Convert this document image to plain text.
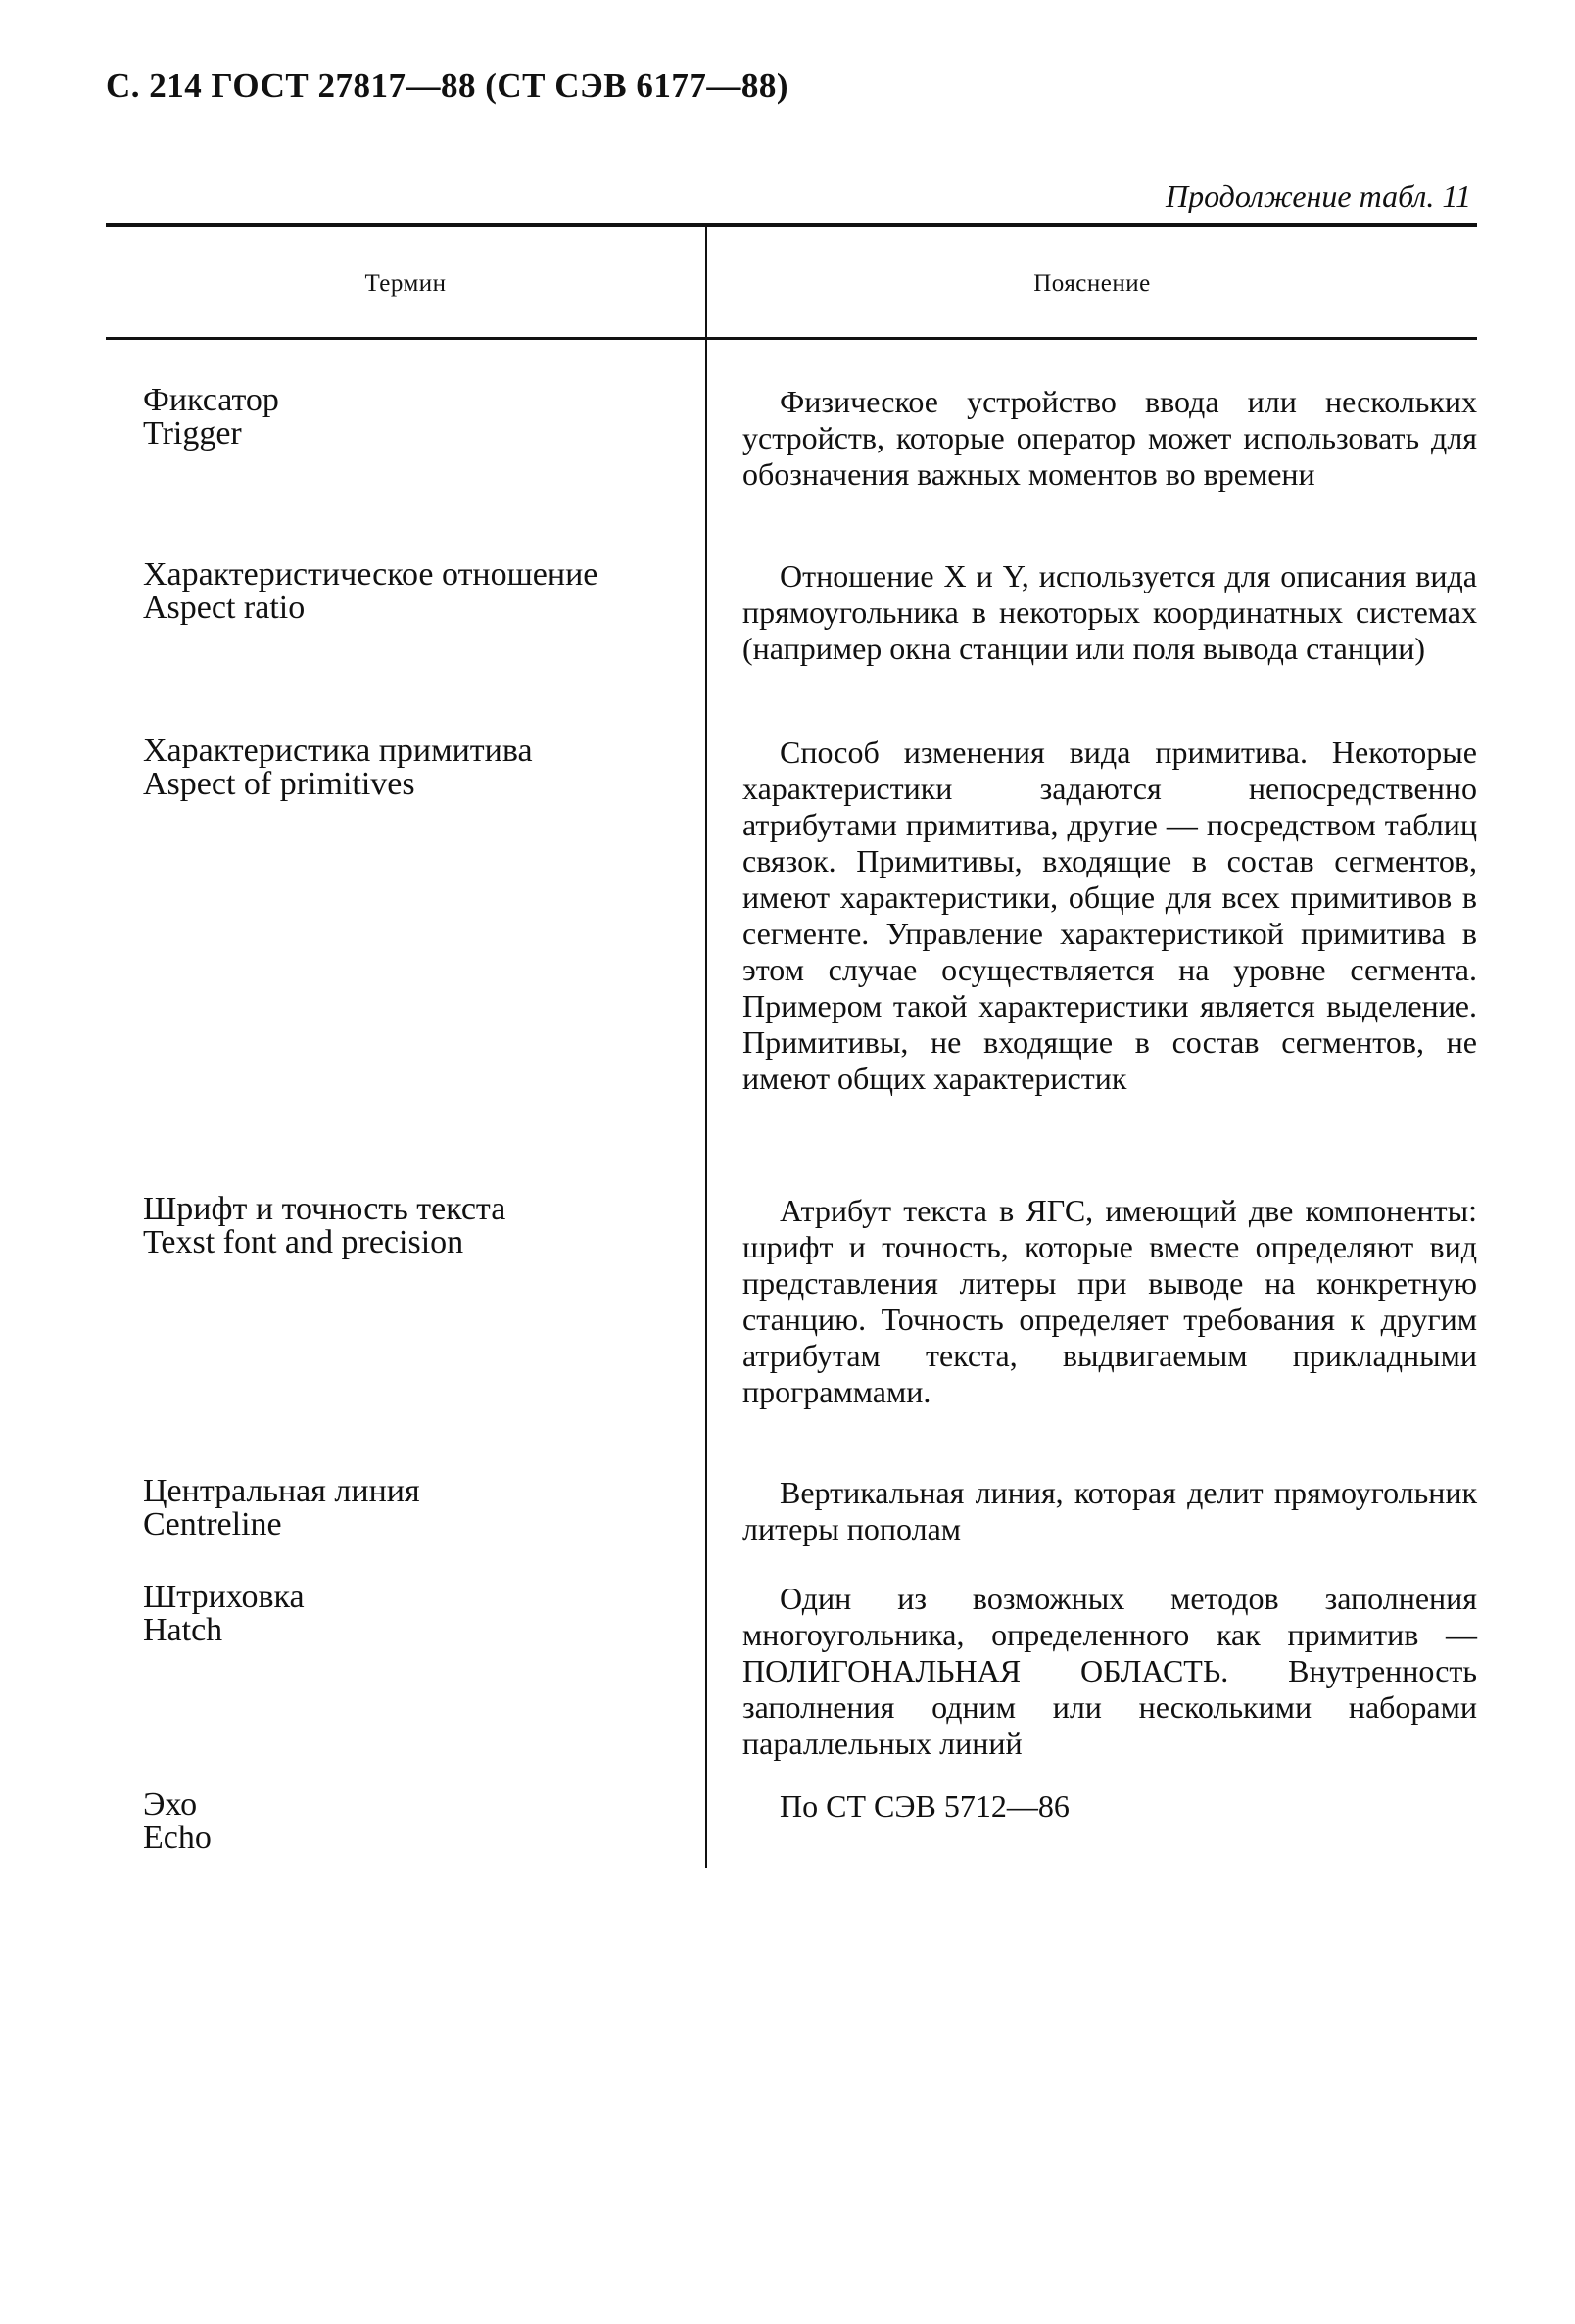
С. 214 ГОСТ 27817—88 (СТ СЭВ 6177—88)
Продолжение табл. 11
Термин	Пояснение
Фиксатор
Trigger
Физическое устройство ввода или нескольких устройств, которые оператор может использовать для обозначения важных моментов во времени
Характеристическое отношение
Aspect ratio
Отношение X и Y, используется для описания вида прямоугольника в некоторых координатных системах (например окна станции или поля вывода станции)
Характеристика примитива
Aspect of primitives
Способ изменения вида примитива. Некоторые характеристики задаются непосредственно атрибутами примитива, другие — посредством таблиц связок. Примитивы, входящие в состав сегментов, имеют характеристики, общие для всех примитивов в сегменте. Управление характеристикой примитива в этом случае осуществляется на уровне сегмента. Примером такой характеристики является выделение. Примитивы, не входящие в состав сегментов, не имеют общих характеристик
Шрифт и точность текста
Texst font and precision
Атрибут текста в ЯГС, имеющий две компоненты: шрифт и точность, которые вместе определяют вид представления литеры при выводе на конкретную станцию. Точность определяет требования к другим атрибутам текста, выдвигаемым прикладными программами.
Центральная линия
Centreline
Вертикальная линия, которая делит прямоугольник литеры пополам
Штриховка
Hatch
Один из возможных методов заполнения многоугольника, определенного как примитив — ПОЛИГОНАЛЬНАЯ ОБЛАСТЬ. Внутренность заполнения одним или несколькими наборами параллельных линий
Эхо
Echo
По СТ СЭВ 5712—86
